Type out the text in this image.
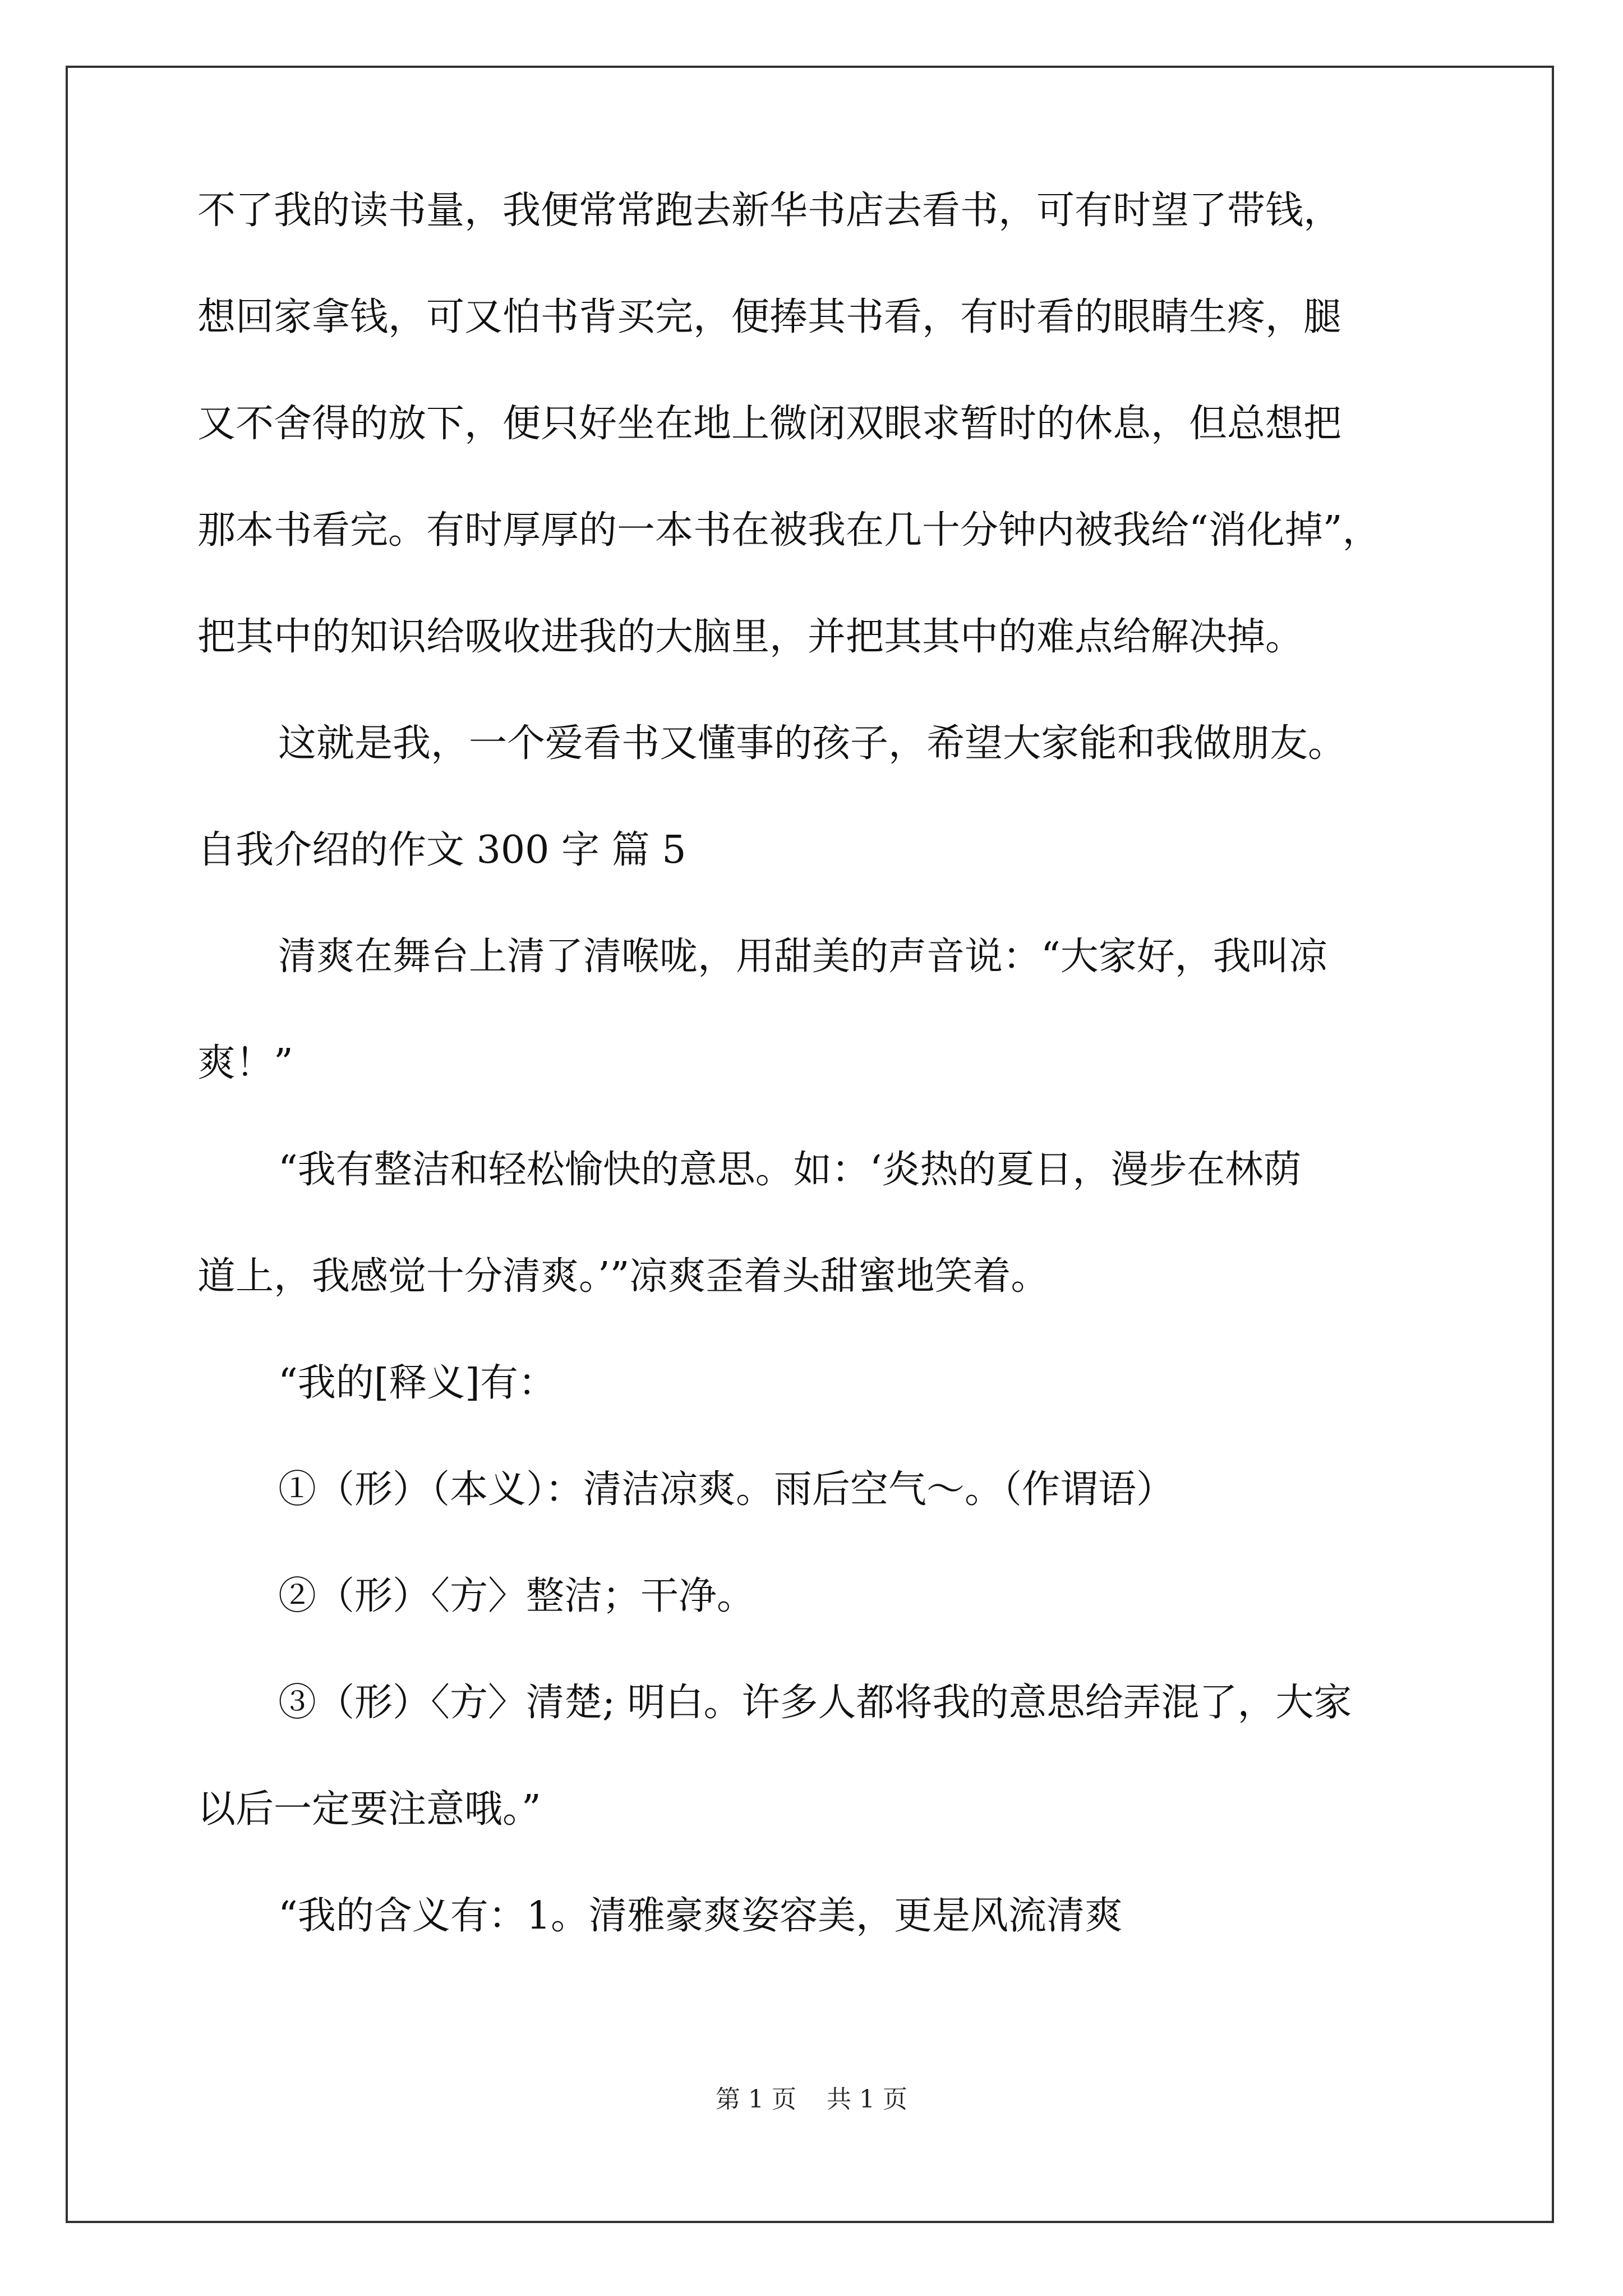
不了我的读书量，我便常常跑去新华书店去看书，可有时望了带钱，

想回家拿钱，可又怕书背买完，便捧其书看，有时看的眼睛生疼，腿

又不舍得的放下，便只好坐在地上微闭双眼求暂时的休息，但总想把

那本书看完。有时厚厚的一本书在被我在几十分钟内被我给“消化掉”，

把其中的知识给吸收进我的大脑里，并把其其中的难点给解决掉。

这就是我，一个爱看书又懂事的孩子，希望大家能和我做朋友。

自我介绍的作文 300 字 篇 5

清爽在舞台上清了清喉咙，用甜美的声音说：“大家好，我叫凉

爽！”

“我有整洁和轻松愉快的意思。如：‘炎热的夏日，漫步在林荫

道上，我感觉十分清爽。’”凉爽歪着头甜蜜地笑着。

“我的[释义]有：

①（形）（本义）：清洁凉爽。雨后空气～。（作谓语）

②（形）〈方〉整洁；干净。

③（形）〈方〉清楚; 明白。许多人都将我的意思给弄混了，大家

以后一定要注意哦。”

“我的含义有：1。清雅豪爽姿容美，更是风流清爽

第 1 页 共 1 页
